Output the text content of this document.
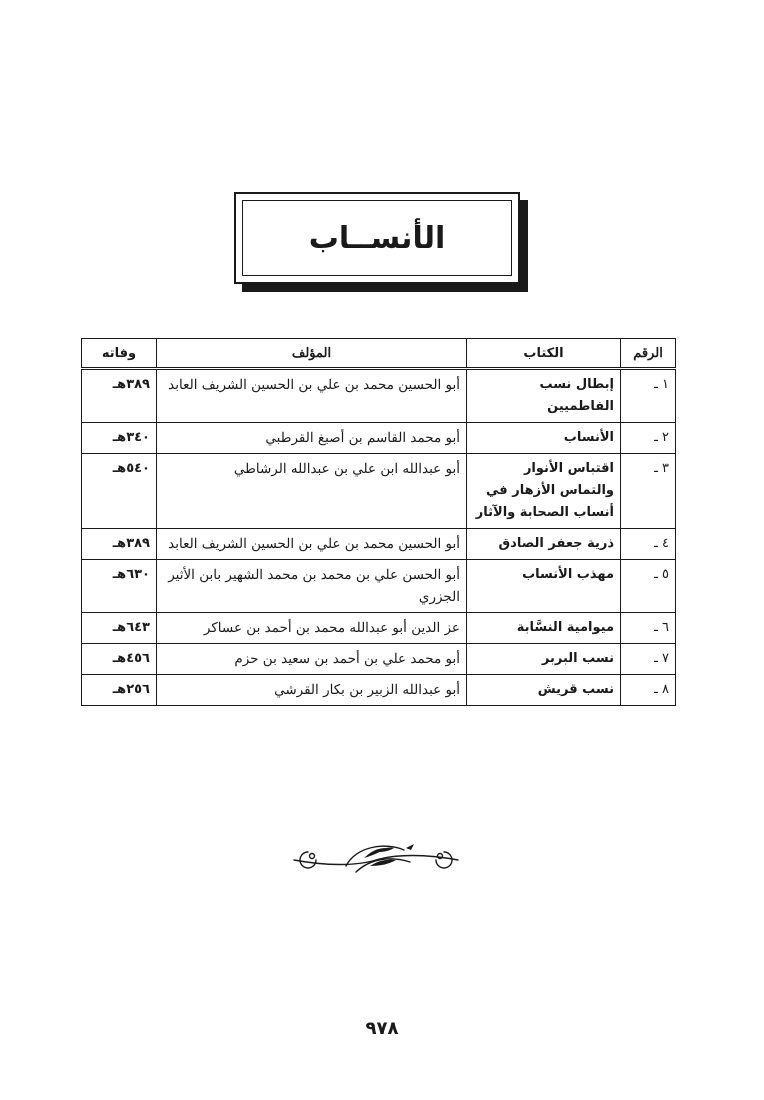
الأنســاب
الرقم	الكتاب	المؤلف	وفاته
١ ـ	إبطال نسب الفاطميين	أبو الحسين محمد بن علي بن الحسين الشريف العابد	٣٨٩هـ
٢ ـ	الأنساب	أبو محمد القاسم بن أصبغ القرطبي	٣٤٠هـ
٣ ـ	اقتباس الأنوار والتماس الأزهار في أنساب الصحابة والآثار	أبو عبدالله ابن علي بن عبدالله الرشاطي	٥٤٠هـ
٤ ـ	ذرية جعفر الصادق	أبو الحسين محمد بن علي بن الحسين الشريف العابد	٣٨٩هـ
٥ ـ	مهذب الأنساب	أبو الحسن علي بن محمد بن محمد الشهير بابن الأثير الجزري	٦٣٠هـ
٦ ـ	ميوامية النسَّابة	عز الدين أبو عبدالله محمد بن أحمد بن عساكر	٦٤٣هـ
٧ ـ	نسب البربر	أبو محمد علي بن أحمد بن سعيد بن حزم	٤٥٦هـ
٨ ـ	نسب قريش	أبو عبدالله الزبير بن بكار القرشي	٢٥٦هـ
٩٧٨
